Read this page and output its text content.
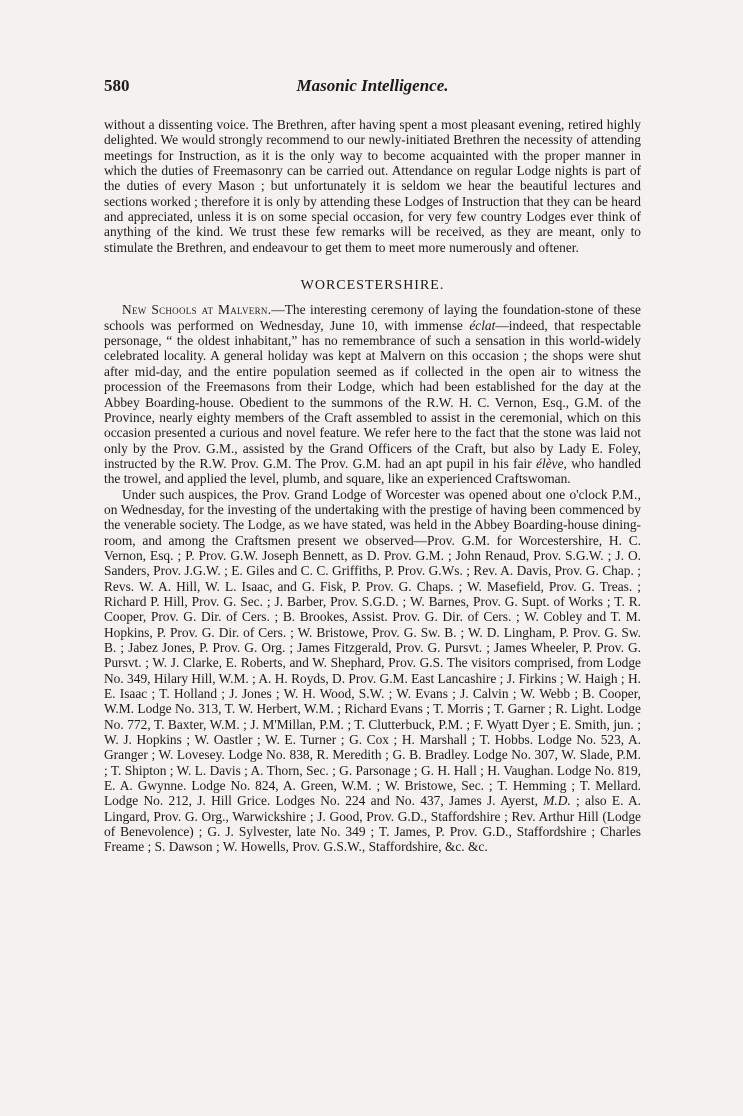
580	Masonic Intelligence.

without a dissenting voice. The Brethren, after having spent a most pleasant evening, retired highly delighted. We would strongly recommend to our newly-initiated Brethren the necessity of attending meetings for Instruction, as it is the only way to become acquainted with the proper manner in which the duties of Freemasonry can be carried out. Attendance on regular Lodge nights is part of the duties of every Mason ; but unfortunately it is seldom we hear the beautiful lectures and sections worked ; therefore it is only by attending these Lodges of Instruction that they can be heard and appreciated, unless it is on some special occasion, for very few country Lodges ever think of anything of the kind. We trust these few remarks will be received, as they are meant, only to stimulate the Brethren, and endeavour to get them to meet more numerously and oftener.

WORCESTERSHIRE.

New Schools at Malvern.—The interesting ceremony of laying the foundation-stone of these schools was performed on Wednesday, June 10, with immense éclat—indeed, that respectable personage, “ the oldest inhabitant,” has no remembrance of such a sensation in this world-widely celebrated locality. A general holiday was kept at Malvern on this occasion ; the shops were shut after mid-day, and the entire population seemed as if collected in the open air to witness the procession of the Freemasons from their Lodge, which had been established for the day at the Abbey Boarding-house. Obedient to the summons of the R.W. H. C. Vernon, Esq., G.M. of the Province, nearly eighty members of the Craft assembled to assist in the ceremonial, which on this occasion presented a curious and novel feature. We refer here to the fact that the stone was laid not only by the Prov. G.M., assisted by the Grand Officers of the Craft, but also by Lady E. Foley, instructed by the R.W. Prov. G.M. The Prov. G.M. had an apt pupil in his fair élève, who handled the trowel, and applied the level, plumb, and square, like an experienced Craftswoman.

Under such auspices, the Prov. Grand Lodge of Worcester was opened about one o'clock P.M., on Wednesday, for the investing of the undertaking with the prestige of having been commenced by the venerable society. The Lodge, as we have stated, was held in the Abbey Boarding-house dining-room, and among the Craftsmen present we observed—Prov. G.M. for Worcestershire, H. C. Vernon, Esq. ; P. Prov. G.W. Joseph Bennett, as D. Prov. G.M. ; John Renaud, Prov. S.G.W. ; J. O. Sanders, Prov. J.G.W. ; E. Giles and C. C. Griffiths, P. Prov. G.Ws. ; Rev. A. Davis, Prov. G. Chap. ; Revs. W. A. Hill, W. L. Isaac, and G. Fisk, P. Prov. G. Chaps. ; W. Masefield, Prov. G. Treas. ; Richard P. Hill, Prov. G. Sec. ; J. Barber, Prov. S.G.D. ; W. Barnes, Prov. G. Supt. of Works ; T. R. Cooper, Prov. G. Dir. of Cers. ; B. Brookes, Assist. Prov. G. Dir. of Cers. ; W. Cobley and T. M. Hopkins, P. Prov. G. Dir. of Cers. ; W. Bristowe, Prov. G. Sw. B. ; W. D. Lingham, P. Prov. G. Sw. B. ; Jabez Jones, P. Prov. G. Org. ; James Fitzgerald, Prov. G. Pursvt. ; James Wheeler, P. Prov. G. Pursvt. ; W. J. Clarke, E. Roberts, and W. Shephard, Prov. G.S. The visitors comprised, from Lodge No. 349, Hilary Hill, W.M. ; A. H. Royds, D. Prov. G.M. East Lancashire ; J. Firkins ; W. Haigh ; H. E. Isaac ; T. Holland ; J. Jones ; W. H. Wood, S.W. ; W. Evans ; J. Calvin ; W. Webb ; B. Cooper, W.M. Lodge No. 313, T. W. Herbert, W.M. ; Richard Evans ; T. Morris ; T. Garner ; R. Light. Lodge No. 772, T. Baxter, W.M. ; J. M'Millan, P.M. ; T. Clutterbuck, P.M. ; F. Wyatt Dyer ; E. Smith, jun. ; W. J. Hopkins ; W. Oastler ; W. E. Turner ; G. Cox ; H. Marshall ; T. Hobbs. Lodge No. 523, A. Granger ; W. Lovesey. Lodge No. 838, R. Meredith ; G. B. Bradley. Lodge No. 307, W. Slade, P.M. ; T. Shipton ; W. L. Davis ; A. Thorn, Sec. ; G. Parsonage ; G. H. Hall ; H. Vaughan. Lodge No. 819, E. A. Gwynne. Lodge No. 824, A. Green, W.M. ; W. Bristowe, Sec. ; T. Hemming ; T. Mellard. Lodge No. 212, J. Hill Grice. Lodges No. 224 and No. 437, James J. Ayerst, M.D. ; also E. A. Lingard, Prov. G. Org., Warwickshire ; J. Good, Prov. G.D., Staffordshire ; Rev. Arthur Hill (Lodge of Benevolence) ; G. J. Sylvester, late No. 349 ; T. James, P. Prov. G.D., Staffordshire ; Charles Freame ; S. Dawson ; W. Howells, Prov. G.S.W., Staffordshire, &c. &c.
